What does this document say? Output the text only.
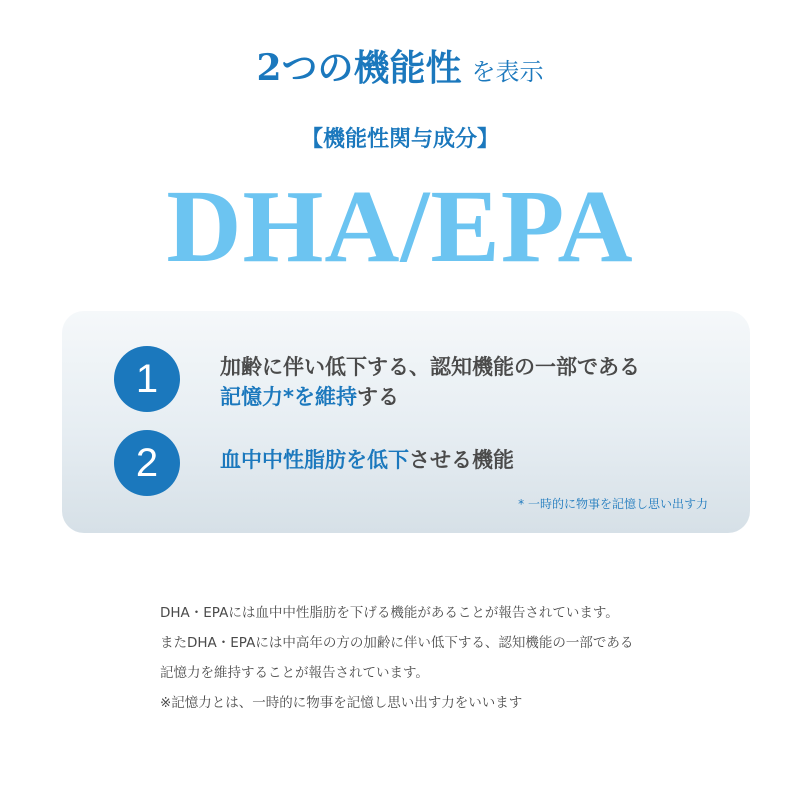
2つの機能性 を表示
【機能性関与成分】
DHA/EPA
1	加齢に伴い低下する、認知機能の一部である
記憶力*を維持する
2	血中中性脂肪を低下させる機能
* 一時的に物事を記憶し思い出す力
DHA・EPAには血中中性脂肪を下げる機能があることが報告されています。
またDHA・EPAには中高年の方の加齢に伴い低下する、認知機能の一部である
記憶力を維持することが報告されています。
※記憶力とは、一時的に物事を記憶し思い出す力をいいます
